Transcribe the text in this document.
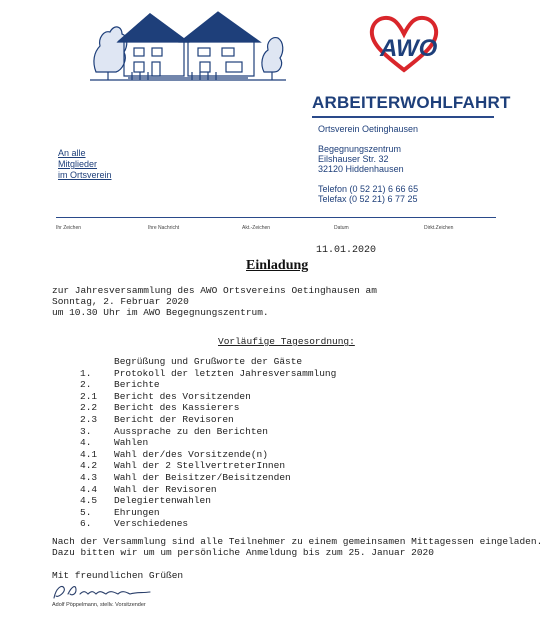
AWO
ARBEITERWOHLFAHRT
Ortsverein Oetinghausen
Begegnungszentrum
Eilshauser Str. 32
32120 Hiddenhausen
Telefon (0 52 21) 6 66 65
Telefax (0 52 21) 6 77 25
An alle
Mitglieder
im Ortsverein
Ihr Zeichen	Ihre Nachricht	Akt.-Zeichen	Datum	Dirkt.Zeichen
11.01.2020
Einladung
zur Jahresversammlung des AWO Ortsvereins Oetinghausen am
Sonntag, 2. Februar 2020
um 10.30 Uhr im AWO Begegnungszentrum.
Vorläufige Tagesordnung:
Begrüßung und Grußworte der Gäste
1.	Protokoll der letzten Jahresversammlung
2.	Berichte
2.1	Bericht des Vorsitzenden
2.2	Bericht des Kassierers
2.3	Bericht der Revisoren
3.	Aussprache zu den Berichten
4.	Wahlen
4.1	Wahl der/des Vorsitzende(n)
4.2	Wahl der 2 StellvertreterInnen
4.3	Wahl der Beisitzer/Beisitzenden
4.4	Wahl der Revisoren
4.5	Delegiertenwahlen
5.	Ehrungen
6.	Verschiedenes
Nach der Versammlung sind alle Teilnehmer zu einem gemeinsamen Mittagessen eingeladen.
Dazu bitten wir um um persönliche Anmeldung bis zum 25. Januar 2020
Mit freundlichen Grüßen
Adolf Pöppelmann, stellv. Vorsitzender
